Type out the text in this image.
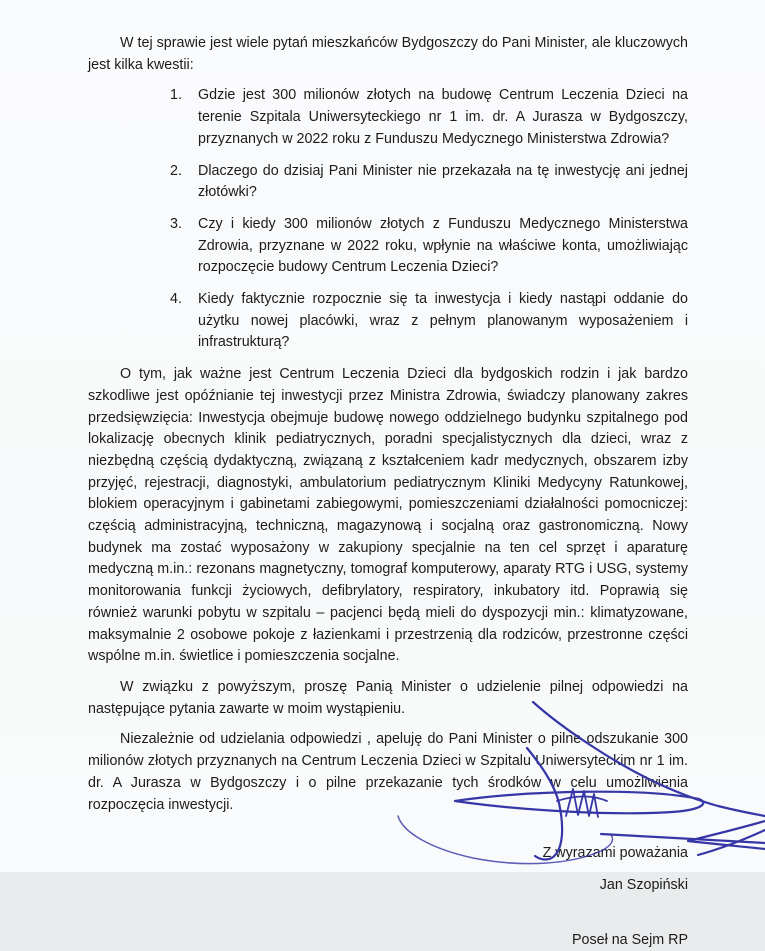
W tej sprawie jest wiele pytań mieszkańców Bydgoszczy do Pani Minister, ale kluczowych jest kilka kwestii:

1.	Gdzie jest 300 milionów złotych na budowę Centrum Leczenia Dzieci na terenie Szpitala Uniwersyteckiego nr 1 im. dr. A Jurasza w Bydgoszczy, przyznanych w 2022 roku z Funduszu Medycznego Ministerstwa Zdrowia?
2.	Dlaczego do dzisiaj Pani Minister nie przekazała na tę inwestycję ani jednej złotówki?
3.	Czy i kiedy 300 milionów złotych z Funduszu Medycznego Ministerstwa Zdrowia, przyznane w 2022 roku, wpłynie na właściwe konta, umożliwiając rozpoczęcie budowy Centrum Leczenia Dzieci?
4.	Kiedy faktycznie rozpocznie się ta inwestycja i kiedy nastąpi oddanie do użytku nowej placówki, wraz z pełnym planowanym wyposażeniem i infrastrukturą?

O tym, jak ważne jest Centrum Leczenia Dzieci dla bydgoskich rodzin i jak bardzo szkodliwe jest opóźnianie tej inwestycji przez Ministra Zdrowia, świadczy planowany zakres przedsięwzięcia: Inwestycja obejmuje budowę nowego oddzielnego budynku szpitalnego pod lokalizację obecnych klinik pediatrycznych, poradni specjalistycznych dla dzieci, wraz z niezbędną częścią dydaktyczną, związaną z kształceniem kadr medycznych, obszarem izby przyjęć, rejestracji, diagnostyki, ambulatorium pediatrycznym Kliniki Medycyny Ratunkowej, blokiem operacyjnym i gabinetami zabiegowymi, pomieszczeniami działalności pomocniczej: częścią administracyjną, techniczną, magazynową i socjalną oraz gastronomiczną. Nowy budynek ma zostać wyposażony w zakupiony specjalnie na ten cel sprzęt i aparaturę medyczną m.in.: rezonans magnetyczny, tomograf komputerowy, aparaty RTG i USG, systemy monitorowania funkcji życiowych, defibrylatory, respiratory, inkubatory itd. Poprawią się również warunki pobytu w szpitalu – pacjenci będą mieli do dyspozycji min.: klimatyzowane, maksymalnie 2 osobowe pokoje z łazienkami i przestrzenią dla rodziców, przestronne części wspólne m.in. świetlice i pomieszczenia socjalne.

W związku z powyższym, proszę Panią Minister o udzielenie pilnej odpowiedzi na następujące pytania zawarte w moim wystąpieniu.

Niezależnie od udzielania odpowiedzi , apeluję do Pani Minister o pilne odszukanie 300 milionów złotych przyznanych na Centrum Leczenia Dzieci w Szpitalu Uniwersyteckim nr 1 im. dr. A Jurasza w Bydgoszczy i o pilne przekazanie tych środków w celu umożliwienia rozpoczęcia inwestycji.

Z wyrazami poważania
Jan Szopiński
Poseł na Sejm RP
